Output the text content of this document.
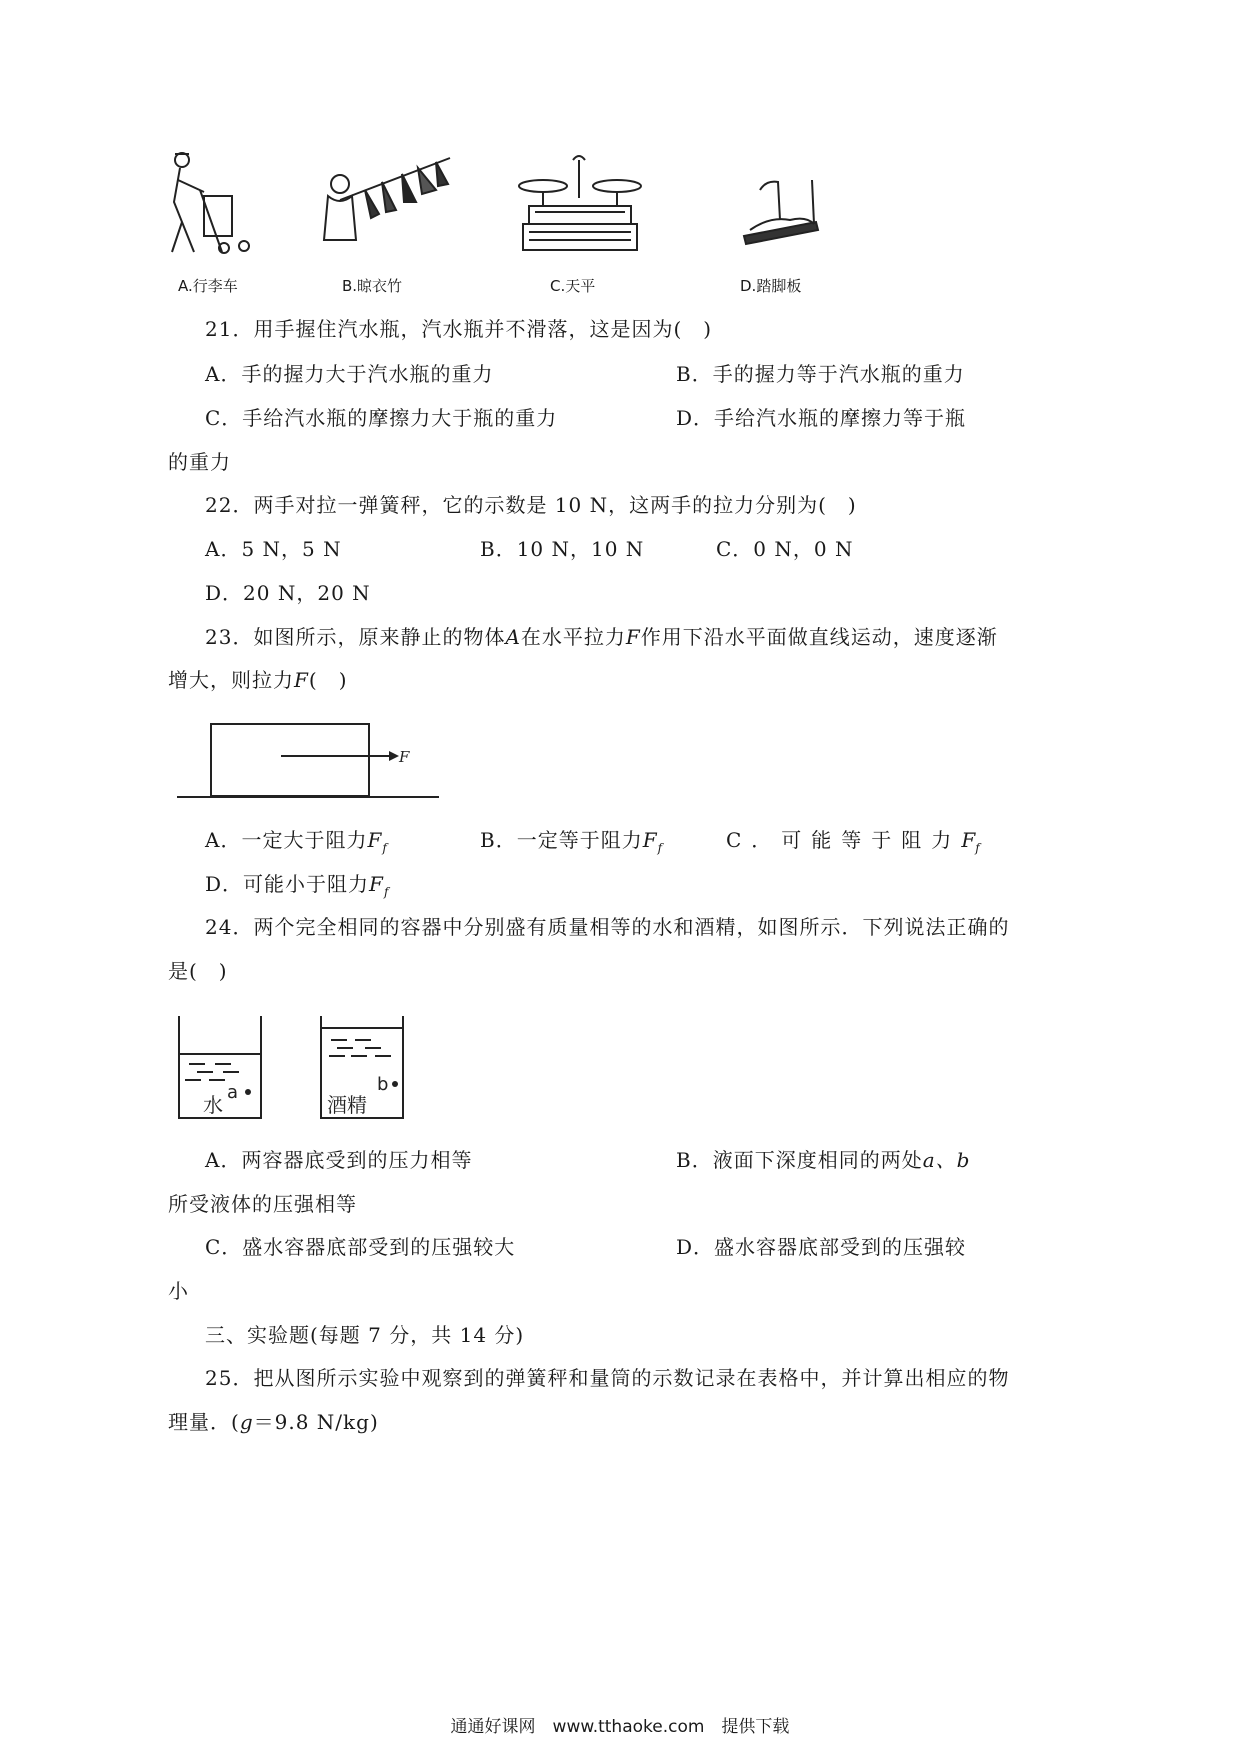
A.行李车	B.晾衣竹	C.天平	D.踏脚板
21．用手握住汽水瓶，汽水瓶并不滑落，这是因为(　)
A．手的握力大于汽水瓶的重力	B．手的握力等于汽水瓶的重力
C．手给汽水瓶的摩擦力大于瓶的重力	D．手给汽水瓶的摩擦力等于瓶
的重力
22．两手对拉一弹簧秤，它的示数是 10 N，这两手的拉力分别为(　)
A．5 N，5 N	B．10 N，10 N	C．0 N，0 N
D．20 N，20 N
23．如图所示，原来静止的物体A在水平拉力F作用下沿水平面做直线运动，速度逐渐
增大，则拉力F(　)
F
A．一定大于阻力$F_f$	B．一定等于阻力$F_f$	C．可能等于阻力$F_f$
D．可能小于阻力$F_f$
24．两个完全相同的容器中分别盛有质量相等的水和酒精，如图所示．下列说法正确的
是(　)
水
a
酒精
b
A．两容器底受到的压力相等	B．液面下深度相同的两处a、b
所受液体的压强相等
C．盛水容器底部受到的压强较大	D．盛水容器底部受到的压强较
小
三、实验题(每题 7 分，共 14 分)
25．把从图所示实验中观察到的弹簧秤和量筒的示数记录在表格中，并计算出相应的物
理量．(g＝9.8 N/kg)
通通好课网　www.tthaoke.com　提供下载
